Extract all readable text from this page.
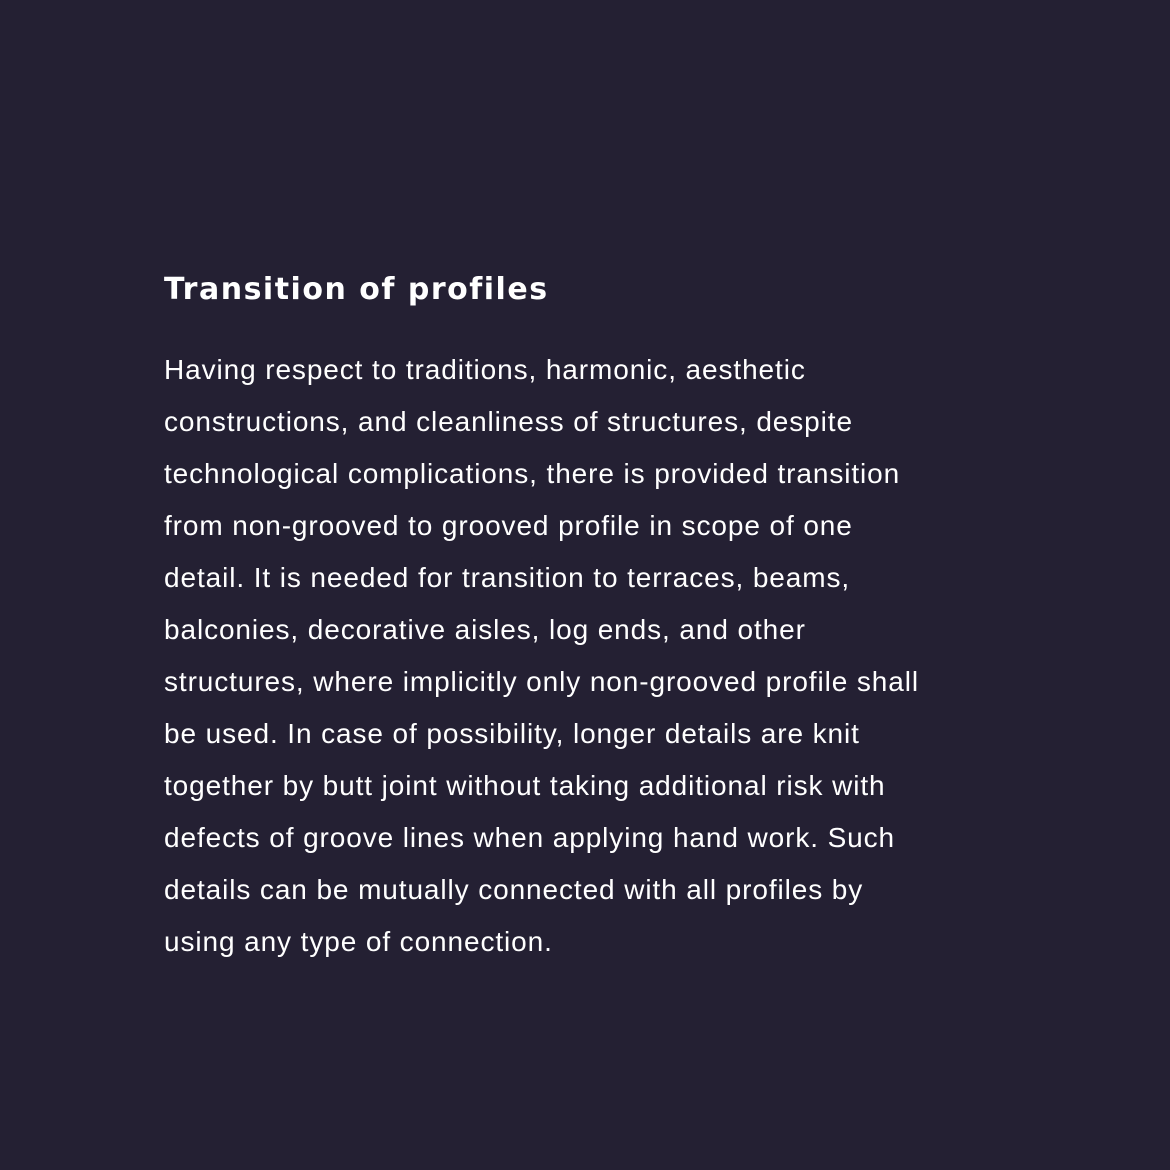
Transition of profiles

Having respect to traditions, harmonic, aesthetic
constructions, and cleanliness of structures, despite
technological complications, there is provided transition
from non-grooved to grooved profile in scope of one
detail. It is needed for transition to terraces, beams,
balconies, decorative aisles, log ends, and other
structures, where implicitly only non-grooved profile shall
be used. In case of possibility, longer details are knit
together by butt joint without taking additional risk with
defects of groove lines when applying hand work. Such
details can be mutually connected with all profiles by
using any type of connection.
